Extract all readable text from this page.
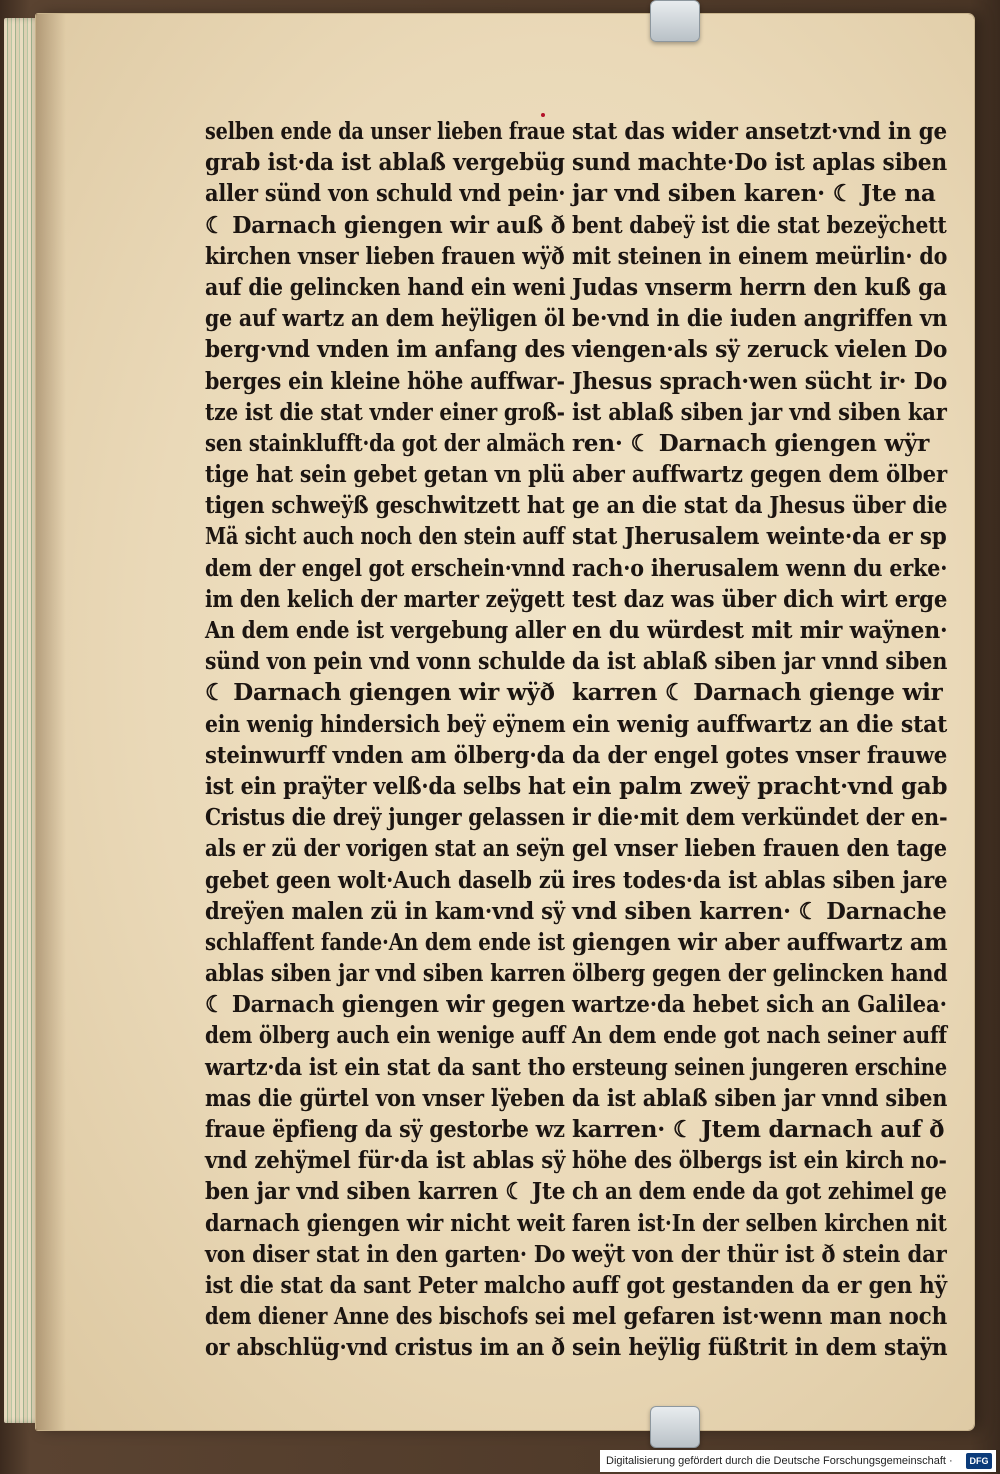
selben ende da unser lieben fraue
grab ist·da ist ablaß vergebüg
aller sünd von schuld vnd pein·
☾ Darnach giengen wir auß ð
kirchen vnser lieben frauen wÿð
auf die gelincken hand ein weni
ge auf wartz an dem heÿligen öl
berg·vnd vnden im anfang des
berges ein kleine höhe auffwar-
tze ist die stat vnder einer groß-
sen stainklufft·da got der almäch
tige hat sein gebet getan vn plü
tigen schweÿß geschwitzett hat
Mä sicht auch noch den stein auff
dem der engel got erschein·vnnd
im den kelich der marter zeÿgett
An dem ende ist vergebung aller
sünd von pein vnd vonn schulde
☾ Darnach giengen wir wÿð
ein wenig hindersich beÿ eÿnem
steinwurff vnden am ölberg·da
ist ein praÿter velß·da selbs hat
Cristus die dreÿ junger gelassen
als er zü der vorigen stat an seÿn
gebet geen wolt·Auch daselb zü
dreÿen malen zü in kam·vnd sÿ
schlaffent fande·An dem ende ist
ablas siben jar vnd siben karren
☾ Darnach giengen wir gegen
dem ölberg auch ein wenige auff
wartz·da ist ein stat da sant tho
mas die gürtel von vnser lÿeben
fraue ëpfieng da sÿ gestorbe wz
vnd zehÿmel für·da ist ablas sÿ
ben jar vnd siben karren ☾ Jte
darnach giengen wir nicht weit
von diser stat in den garten· Do
ist die stat da sant Peter malcho
dem diener Anne des bischofs sei
or abschlüg·vnd cristus im an ð
stat das wider ansetzt·vnd in ge
sund machte·Do ist aplas siben
jar vnd siben karen· ☾ Jte na
bent dabeÿ ist die stat bezeÿchett
mit steinen in einem meürlin· do
Judas vnserm herrn den kuß ga
be·vnd in die iuden angriffen vn
viengen·als sÿ zeruck vielen Do
Jhesus sprach·wen sücht ir· Do
ist ablaß siben jar vnd siben kar
ren· ☾ Darnach giengen wÿr
aber auffwartz gegen dem ölber
ge an die stat da Jhesus über die
stat Jherusalem weinte·da er sp
rach·o iherusalem wenn du erke·
test daz was über dich wirt erge
en du würdest mit mir waÿnen·
da ist ablaß siben jar vnnd siben
karren ☾ Darnach gienge wir
ein wenig auffwartz an die stat
da der engel gotes vnser frauwe
ein palm zweÿ pracht·vnd gab
ir die·mit dem verkündet der en-
gel vnser lieben frauen den tage
ires todes·da ist ablas siben jare
vnd siben karren· ☾ Darnache
giengen wir aber auffwartz am
ölberg gegen der gelincken hand
wartze·da hebet sich an Galilea·
An dem ende got nach seiner auff
ersteung seinen jungeren erschine
da ist ablaß siben jar vnnd siben
karren· ☾ Jtem darnach auf ð
höhe des ölbergs ist ein kirch no-
ch an dem ende da got zehimel ge
faren ist·In der selben kirchen nit
weÿt von der thür ist ð stein dar
auff got gestanden da er gen hÿ
mel gefaren ist·wenn man noch
sein heÿlig füßtrit in dem staÿn
Digitalisierung gefördert durch die Deutsche Forschungsgemeinschaft ·	DFG
